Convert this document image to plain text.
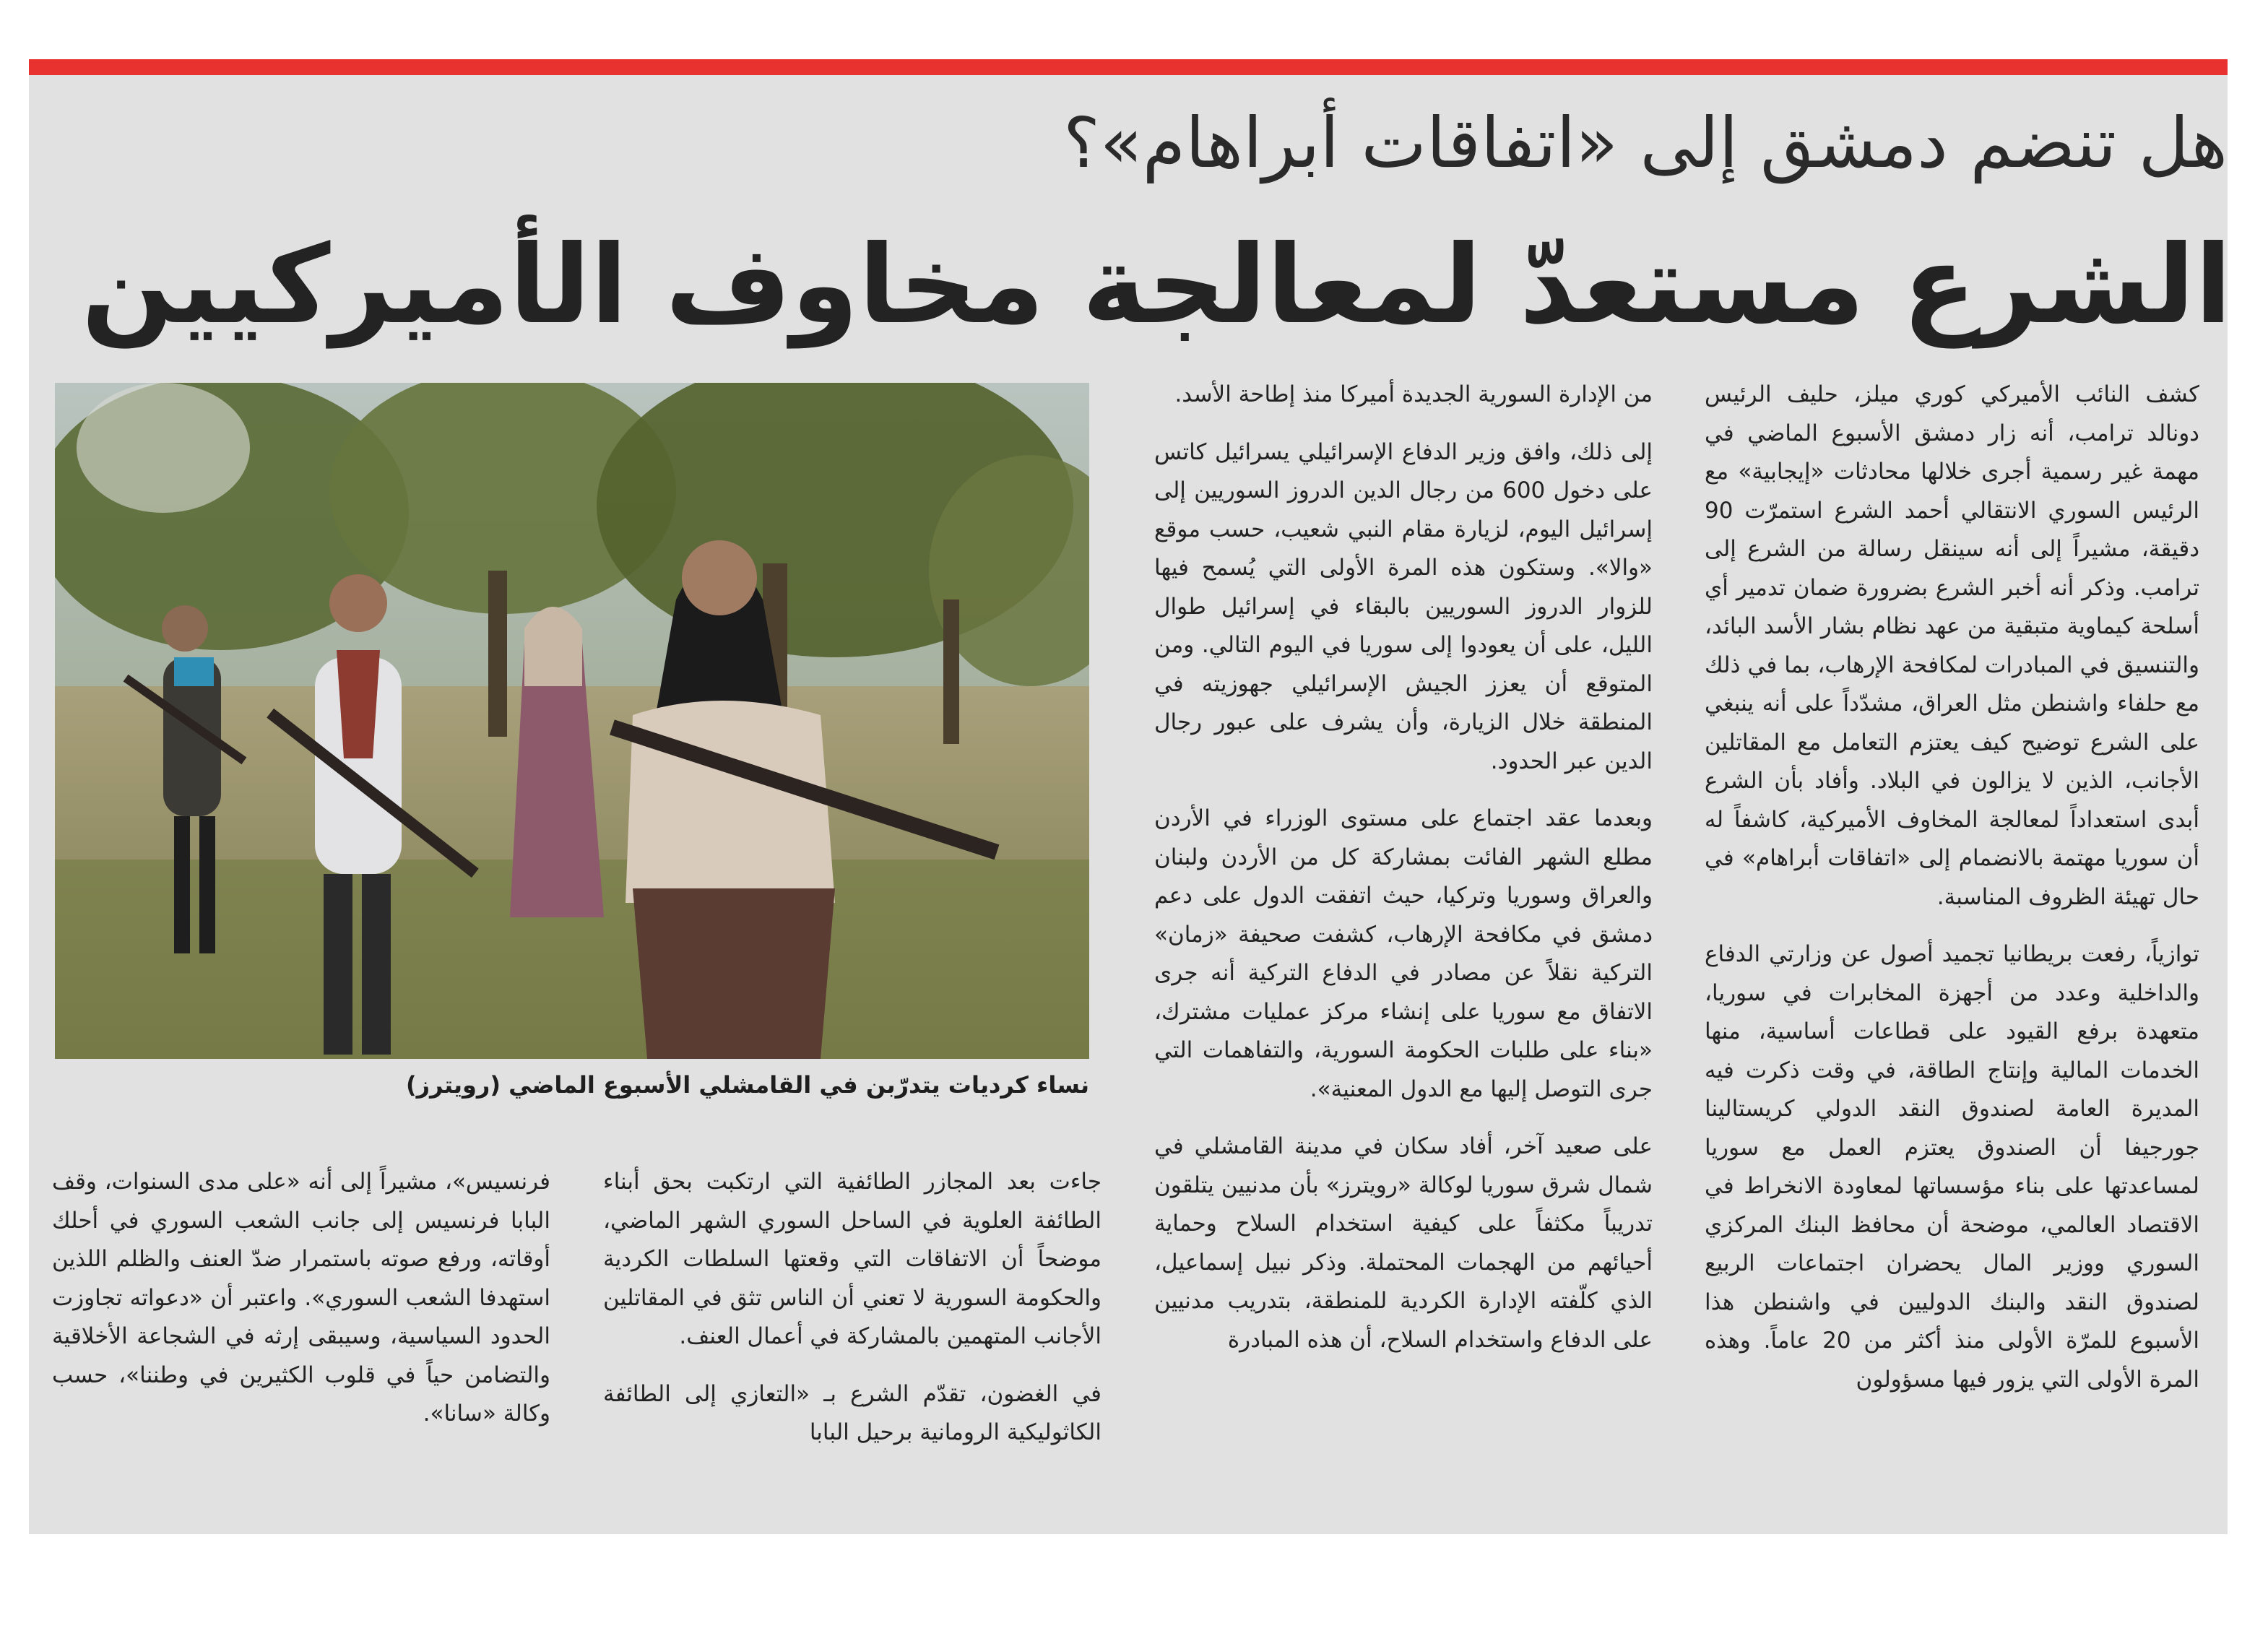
هل تنضم دمشق إلى «اتفاقات أبراهام»؟
الشرع مستعدّ لمعالجة مخاوف الأميركيين

كشف النائب الأميركي كوري ميلز، حليف الرئيس دونالد ترامب، أنه زار دمشق الأسبوع الماضي في مهمة غير رسمية أجرى خلالها محادثات «إيجابية» مع الرئيس السوري الانتقالي أحمد الشرع استمرّت 90 دقيقة، مشيراً إلى أنه سينقل رسالة من الشرع إلى ترامب. وذكر أنه أخبر الشرع بضرورة ضمان تدمير أي أسلحة كيماوية متبقية من عهد نظام بشار الأسد البائد، والتنسيق في المبادرات لمكافحة الإرهاب، بما في ذلك مع حلفاء واشنطن مثل العراق، مشدّداً على أنه ينبغي على الشرع توضيح كيف يعتزم التعامل مع المقاتلين الأجانب، الذين لا يزالون في البلاد. وأفاد بأن الشرع أبدى استعداداً لمعالجة المخاوف الأميركية، كاشفاً له أن سوريا مهتمة بالانضمام إلى «اتفاقات أبراهام» في حال تهيئة الظروف المناسبة.

توازياً، رفعت بريطانيا تجميد أصول عن وزارتي الدفاع والداخلية وعدد من أجهزة المخابرات في سوريا، متعهدة برفع القيود على قطاعات أساسية، منها الخدمات المالية وإنتاج الطاقة، في وقت ذكرت فيه المديرة العامة لصندوق النقد الدولي كريستالينا جورجيفا أن الصندوق يعتزم العمل مع سوريا لمساعدتها على بناء مؤسساتها لمعاودة الانخراط في الاقتصاد العالمي، موضحة أن محافظ البنك المركزي السوري ووزير المال يحضران اجتماعات الربيع لصندوق النقد والبنك الدوليين في واشنطن هذا الأسبوع للمرّة الأولى منذ أكثر من 20 عاماً. وهذه المرة الأولى التي يزور فيها مسؤولون

من الإدارة السورية الجديدة أميركا منذ إطاحة الأسد.

إلى ذلك، وافق وزير الدفاع الإسرائيلي يسرائيل كاتس على دخول 600 من رجال الدين الدروز السوريين إلى إسرائيل اليوم، لزيارة مقام النبي شعيب، حسب موقع «والا». وستكون هذه المرة الأولى التي يُسمح فيها للزوار الدروز السوريين بالبقاء في إسرائيل طوال الليل، على أن يعودوا إلى سوريا في اليوم التالي. ومن المتوقع أن يعزز الجيش الإسرائيلي جهوزيته في المنطقة خلال الزيارة، وأن يشرف على عبور رجال الدين عبر الحدود.

وبعدما عقد اجتماع على مستوى الوزراء في الأردن مطلع الشهر الفائت بمشاركة كل من الأردن ولبنان والعراق وسوريا وتركيا، حيث اتفقت الدول على دعم دمشق في مكافحة الإرهاب، كشفت صحيفة «زمان» التركية نقلاً عن مصادر في الدفاع التركية أنه جرى الاتفاق مع سوريا على إنشاء مركز عمليات مشترك، «بناء على طلبات الحكومة السورية، والتفاهمات التي جرى التوصل إليها مع الدول المعنية».

على صعيد آخر، أفاد سكان في مدينة القامشلي في شمال شرق سوريا لوكالة «رويترز» بأن مدنيين يتلقون تدريباً مكثفاً على كيفية استخدام السلاح وحماية أحيائهم من الهجمات المحتملة. وذكر نبيل إسماعيل، الذي كلّفته الإدارة الكردية للمنطقة، بتدريب مدنيين على الدفاع واستخدام السلاح، أن هذه المبادرة

نساء كرديات يتدرّبن في القامشلي الأسبوع الماضي (رويترز)

جاءت بعد المجازر الطائفية التي ارتكبت بحق أبناء الطائفة العلوية في الساحل السوري الشهر الماضي، موضحاً أن الاتفاقات التي وقعتها السلطات الكردية والحكومة السورية لا تعني أن الناس تثق في المقاتلين الأجانب المتهمين بالمشاركة في أعمال العنف.

في الغضون، تقدّم الشرع بـ «التعازي إلى الطائفة الكاثوليكية الرومانية برحيل البابا

فرنسيس»، مشيراً إلى أنه «على مدى السنوات، وقف البابا فرنسيس إلى جانب الشعب السوري في أحلك أوقاته، ورفع صوته باستمرار ضدّ العنف والظلم اللذين استهدفا الشعب السوري». واعتبر أن «دعواته تجاوزت الحدود السياسية، وسيبقى إرثه في الشجاعة الأخلاقية والتضامن حياً في قلوب الكثيرين في وطننا»، حسب وكالة «سانا».
